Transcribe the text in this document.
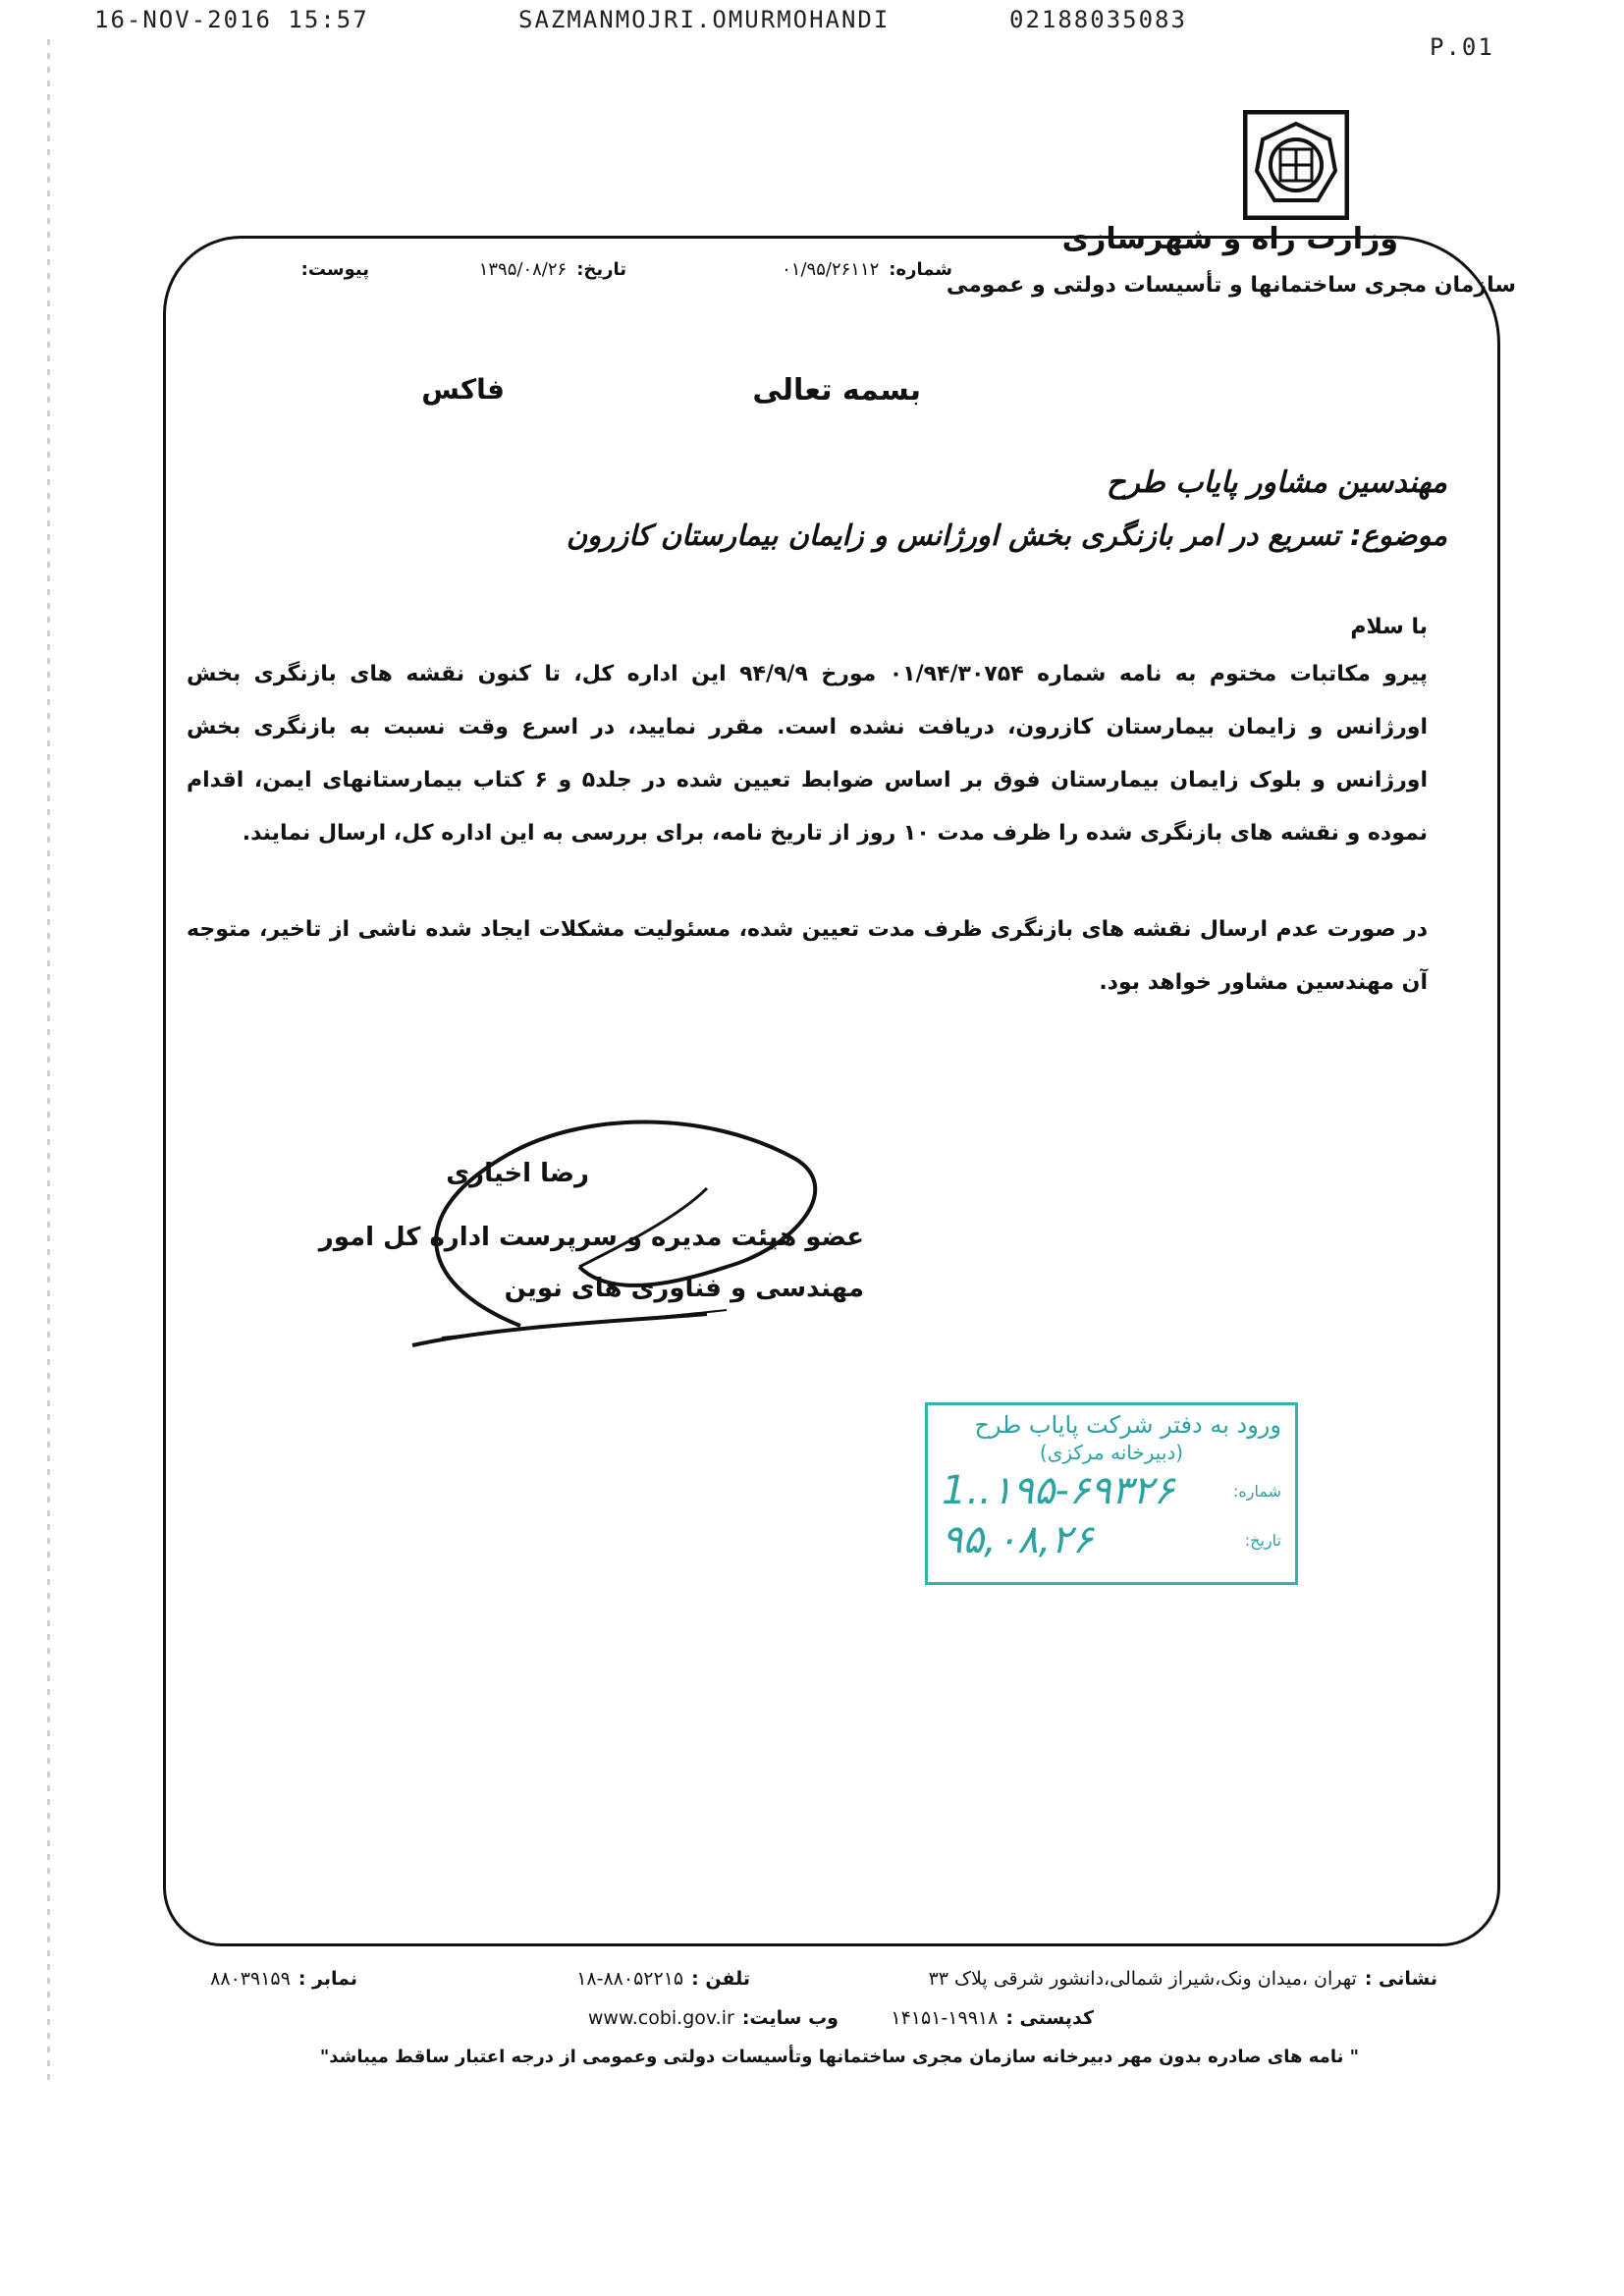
16-NOV-2016 15:57	SAZMANMOJRI.OMURMOHANDI	02188035083
P.01
وزارت راه و شهرسازی
سازمان مجری ساختمانها و تأسیسات دولتی و عمومی
شماره:۰۱/۹۵/۲۶۱۱۲
تاریخ:۱۳۹۵/۰۸/۲۶
پیوست:
بسمه تعالی
فاکس
مهندسین مشاور پایاب طرح
موضوع: تسریع در امر بازنگری بخش اورژانس و زایمان بیمارستان کازرون
با سلام

پیرو مکاتبات مختوم به نامه شماره ۰۱/۹۴/۳۰۷۵۴ مورخ ۹۴/۹/۹ این اداره کل، تا کنون نقشه های بازنگری بخش اورژانس و زایمان بیمارستان کازرون، دریافت نشده است. مقرر نمایید، در اسرع وقت نسبت به بازنگری بخش اورژانس و بلوک زایمان بیمارستان فوق بر اساس ضوابط تعیین شده در جلد۵ و ۶ کتاب بیمارستانهای ایمن، اقدام نموده و نقشه های بازنگری شده را ظرف مدت ۱۰ روز از تاریخ نامه، برای بررسی به این اداره کل، ارسال نمایند.

در صورت عدم ارسال نقشه های بازنگری ظرف مدت تعیین شده، مسئولیت مشکلات ایجاد شده ناشی از تاخیر، متوجه آن مهندسین مشاور خواهد بود.

رضا اخیاری
عضو هیئت مدیره و سرپرست اداره کل امور مهندسی و فناوری های نوین
ورود به دفتر شرکت پایاب طرح
(دبیرخانه مرکزی)
شماره:
1..۱۹۵-۶۹۳۲۶
تاریخ:
۹۵,۰۸,۲۶
نشانی :تهران ،میدان ونک،شیراز شمالی،دانشور شرقی پلاک ۳۳
تلفن :۸۸۰۵۲۲۱۵-۱۸
نمابر :۸۸۰۳۹۱۵۹
کدپستی :۱۹۹۱۸-۱۴۱۵۱
وب سایت:www.cobi.gov.ir
" نامه های صادره بدون مهر دبیرخانه سازمان مجری ساختمانها وتأسیسات دولتی وعمومی از درجه اعتبار ساقط میباشد"
